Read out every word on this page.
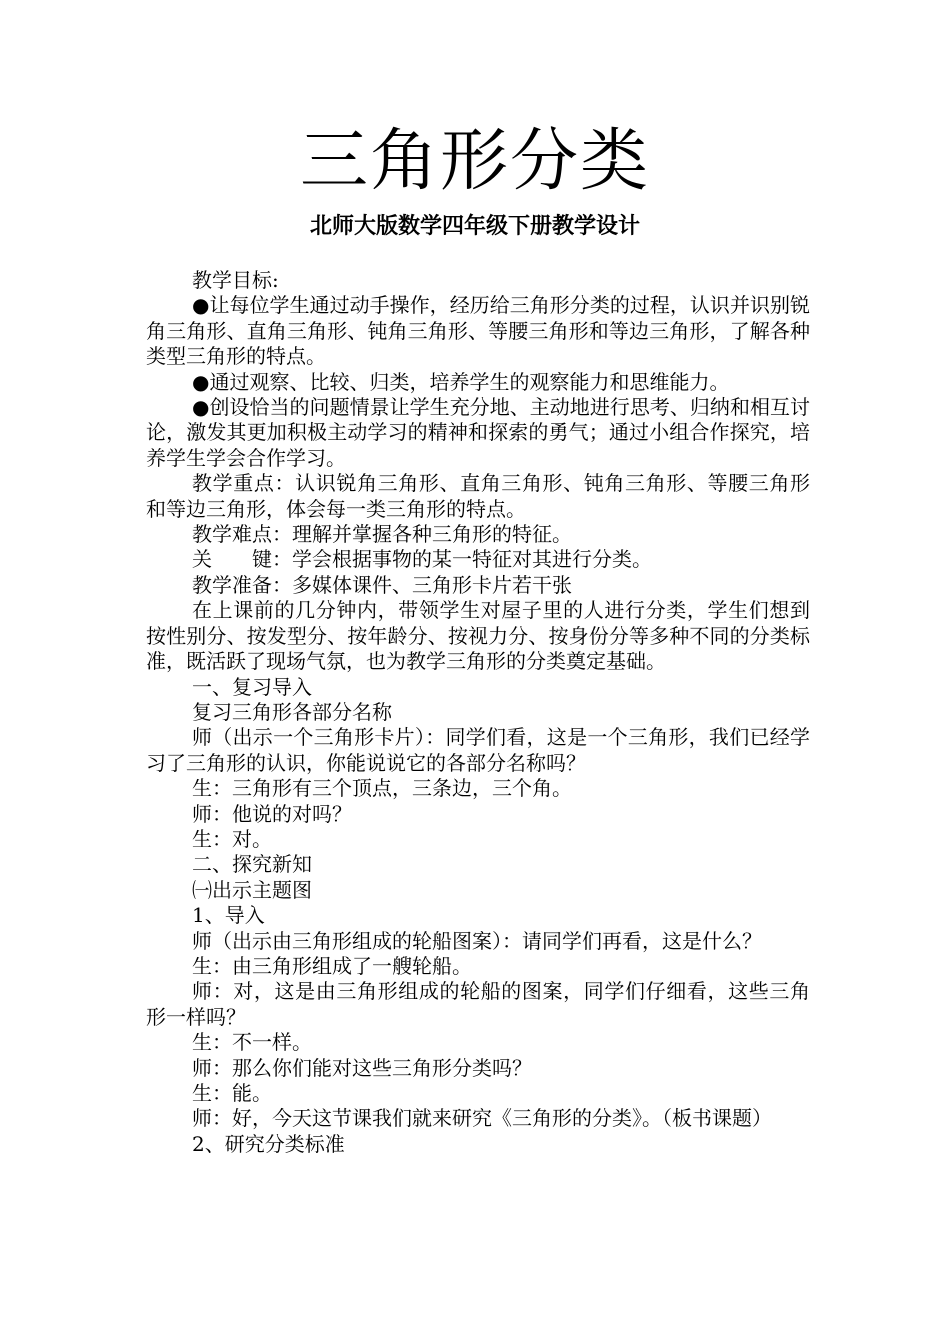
三角形分类
北师大版数学四年级下册教学设计

教学目标:

●让每位学生通过动手操作，经历给三角形分类的过程，认识并识别锐角三角形、直角三角形、钝角三角形、等腰三角形和等边三角形，了解各种类型三角形的特点。

●通过观察、比较、归类，培养学生的观察能力和思维能力。

●创设恰当的问题情景让学生充分地、主动地进行思考、归纳和相互讨论，激发其更加积极主动学习的精神和探索的勇气；通过小组合作探究，培养学生学会合作学习。

教学重点：认识锐角三角形、直角三角形、钝角三角形、等腰三角形和等边三角形，体会每一类三角形的特点。

教学难点：理解并掌握各种三角形的特征。

关　　键：学会根据事物的某一特征对其进行分类。

教学准备：多媒体课件、三角形卡片若干张

在上课前的几分钟内，带领学生对屋子里的人进行分类，学生们想到按性别分、按发型分、按年龄分、按视力分、按身份分等多种不同的分类标准，既活跃了现场气氛，也为教学三角形的分类奠定基础。

一、复习导入

复习三角形各部分名称

师（出示一个三角形卡片）：同学们看，这是一个三角形，我们已经学习了三角形的认识，你能说说它的各部分名称吗？

生：三角形有三个顶点，三条边，三个角。

师：他说的对吗？

生：对。

二、探究新知

㈠出示主题图

1、导入

师（出示由三角形组成的轮船图案）：请同学们再看，这是什么？

生：由三角形组成了一艘轮船。

师：对，这是由三角形组成的轮船的图案，同学们仔细看，这些三角形一样吗？

生：不一样。

师：那么你们能对这些三角形分类吗？

生：能。

师：好，今天这节课我们就来研究《三角形的分类》。（板书课题）

2、研究分类标准
